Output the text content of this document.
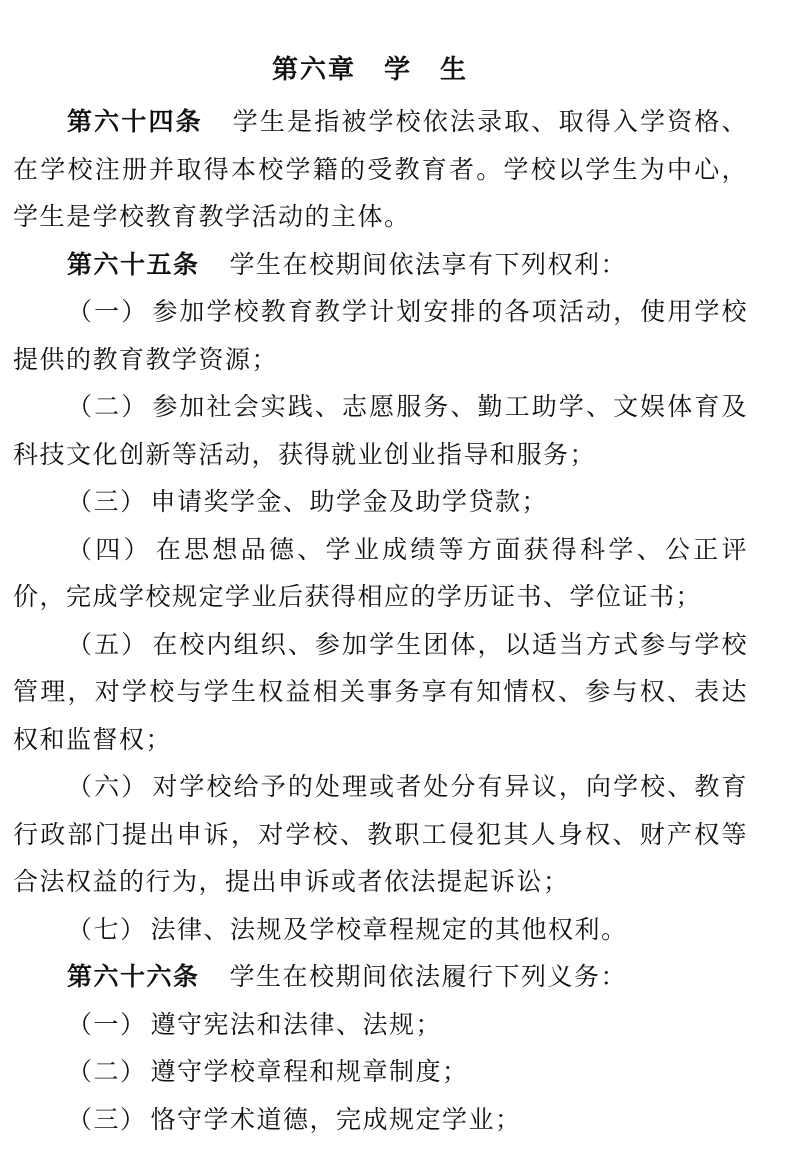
第六章　学　生

第六十四条 学生是指被学校依法录取、取得入学资格、在学校注册并取得本校学籍的受教育者。学校以学生为中心，学生是学校教育教学活动的主体。

第六十五条 学生在校期间依法享有下列权利：

（一） 参加学校教育教学计划安排的各项活动，使用学校提供的教育教学资源；

（二） 参加社会实践、志愿服务、勤工助学、文娱体育及科技文化创新等活动，获得就业创业指导和服务；

（三） 申请奖学金、助学金及助学贷款；

（四） 在思想品德、学业成绩等方面获得科学、公正评价，完成学校规定学业后获得相应的学历证书、学位证书；

（五） 在校内组织、参加学生团体，以适当方式参与学校管理，对学校与学生权益相关事务享有知情权、参与权、表达权和监督权；

（六） 对学校给予的处理或者处分有异议，向学校、教育行政部门提出申诉，对学校、教职工侵犯其人身权、财产权等合法权益的行为，提出申诉或者依法提起诉讼；

（七） 法律、法规及学校章程规定的其他权利。

第六十六条 学生在校期间依法履行下列义务：

（一） 遵守宪法和法律、法规；

（二） 遵守学校章程和规章制度；

（三） 恪守学术道德，完成规定学业；
